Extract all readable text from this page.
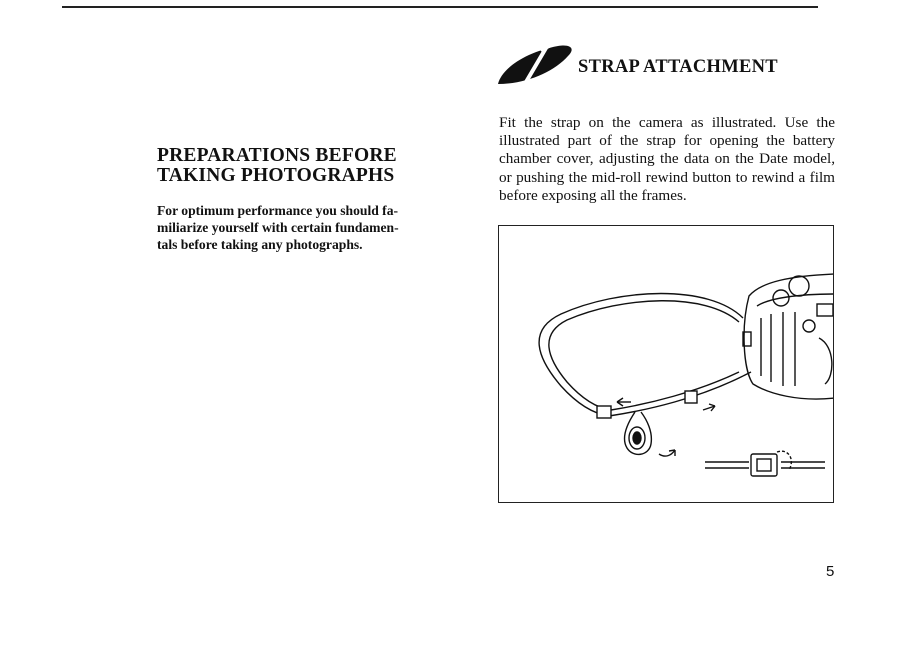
PREPARATIONS BEFORE
TAKING PHOTOGRAPHS
For optimum performance you should fa-
miliarize yourself with certain fundamen-
tals before taking any photographs.
STRAP ATTACHMENT
Fit the strap on the camera as illustrated. Use the illustrated part of the strap for opening the battery chamber cover, adjusting the data on the Date model, or pushing the mid-roll rewind button to rewind a film before exposing all the frames.
5
